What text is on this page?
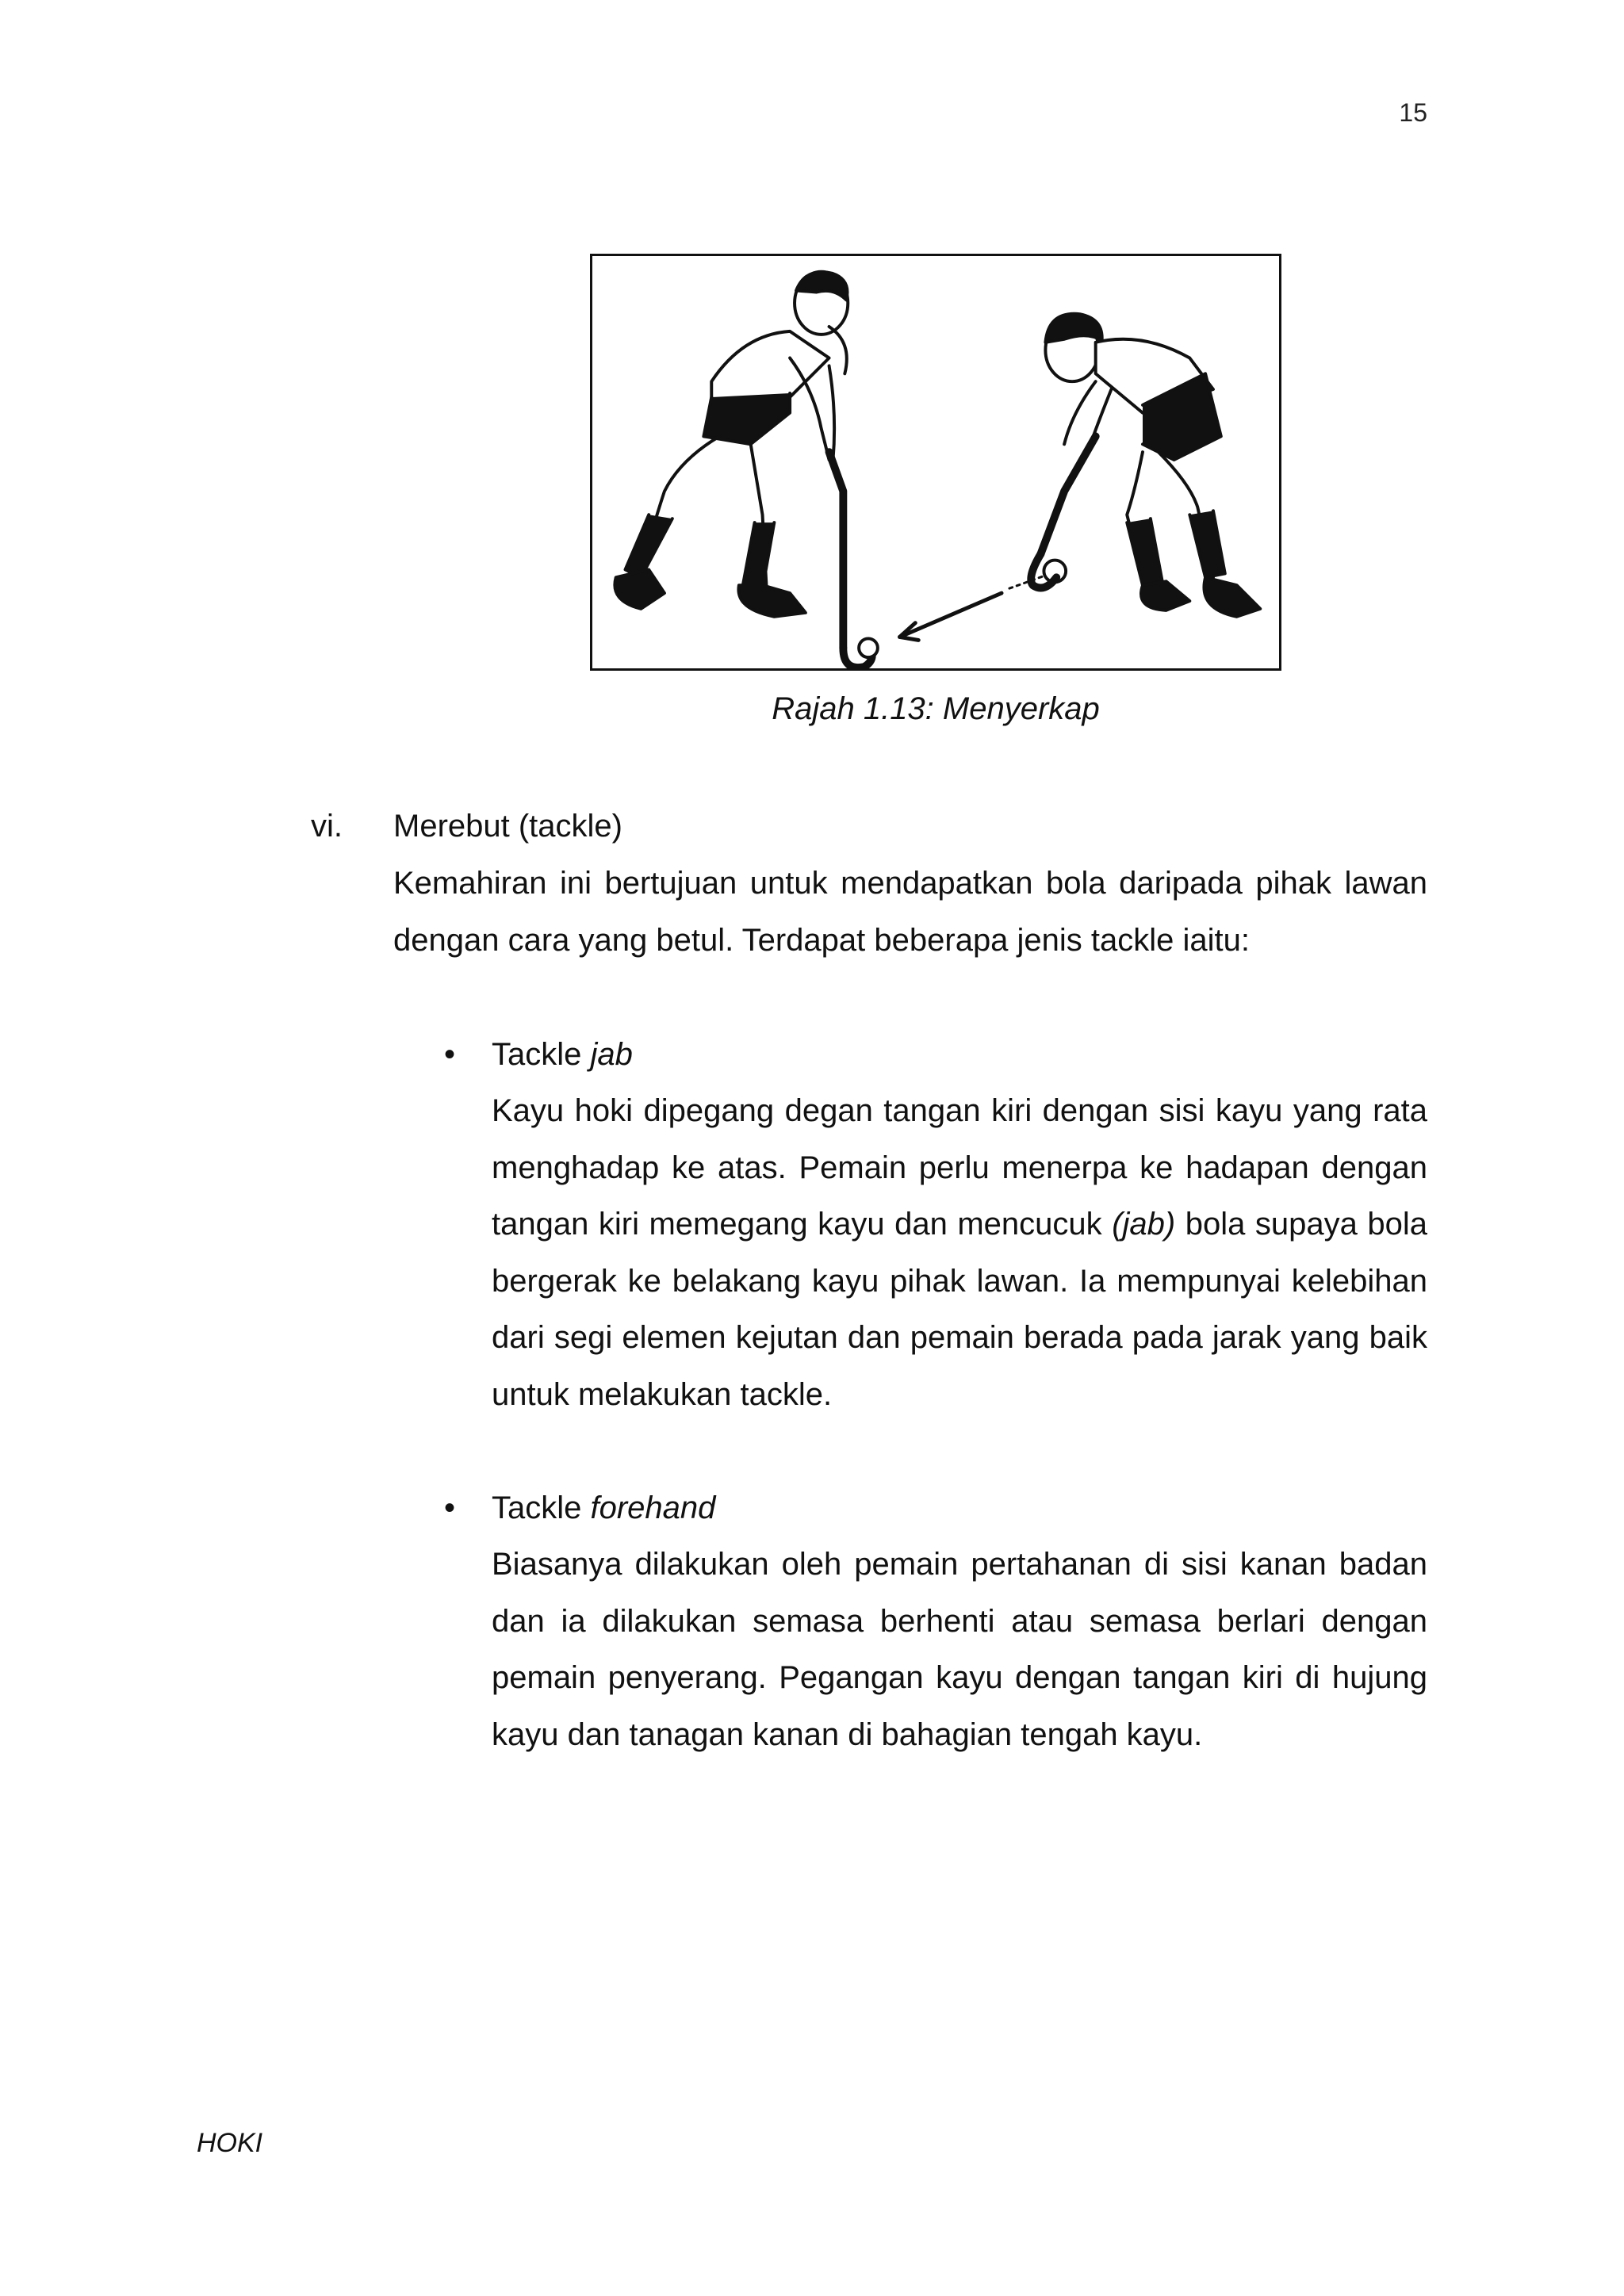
15
Rajah 1.13: Menyerkap
vi. Merebut (tackle)
Kemahiran ini bertujuan untuk mendapatkan bola daripada pihak lawan dengan cara yang betul. Terdapat beberapa jenis tackle iaitu:
• Tackle jab
Kayu hoki dipegang degan tangan kiri dengan sisi kayu yang rata menghadap ke atas. Pemain perlu menerpa ke hadapan dengan tangan kiri memegang kayu dan mencucuk (jab) bola supaya bola bergerak ke belakang kayu pihak lawan. Ia mempunyai kelebihan dari segi elemen kejutan dan pemain berada pada jarak yang baik untuk melakukan tackle.
• Tackle forehand
Biasanya dilakukan oleh pemain pertahanan di sisi kanan badan dan ia dilakukan semasa berhenti atau semasa berlari dengan pemain penyerang. Pegangan kayu dengan tangan kiri di hujung kayu dan tanagan kanan di bahagian tengah kayu.
HOKI
